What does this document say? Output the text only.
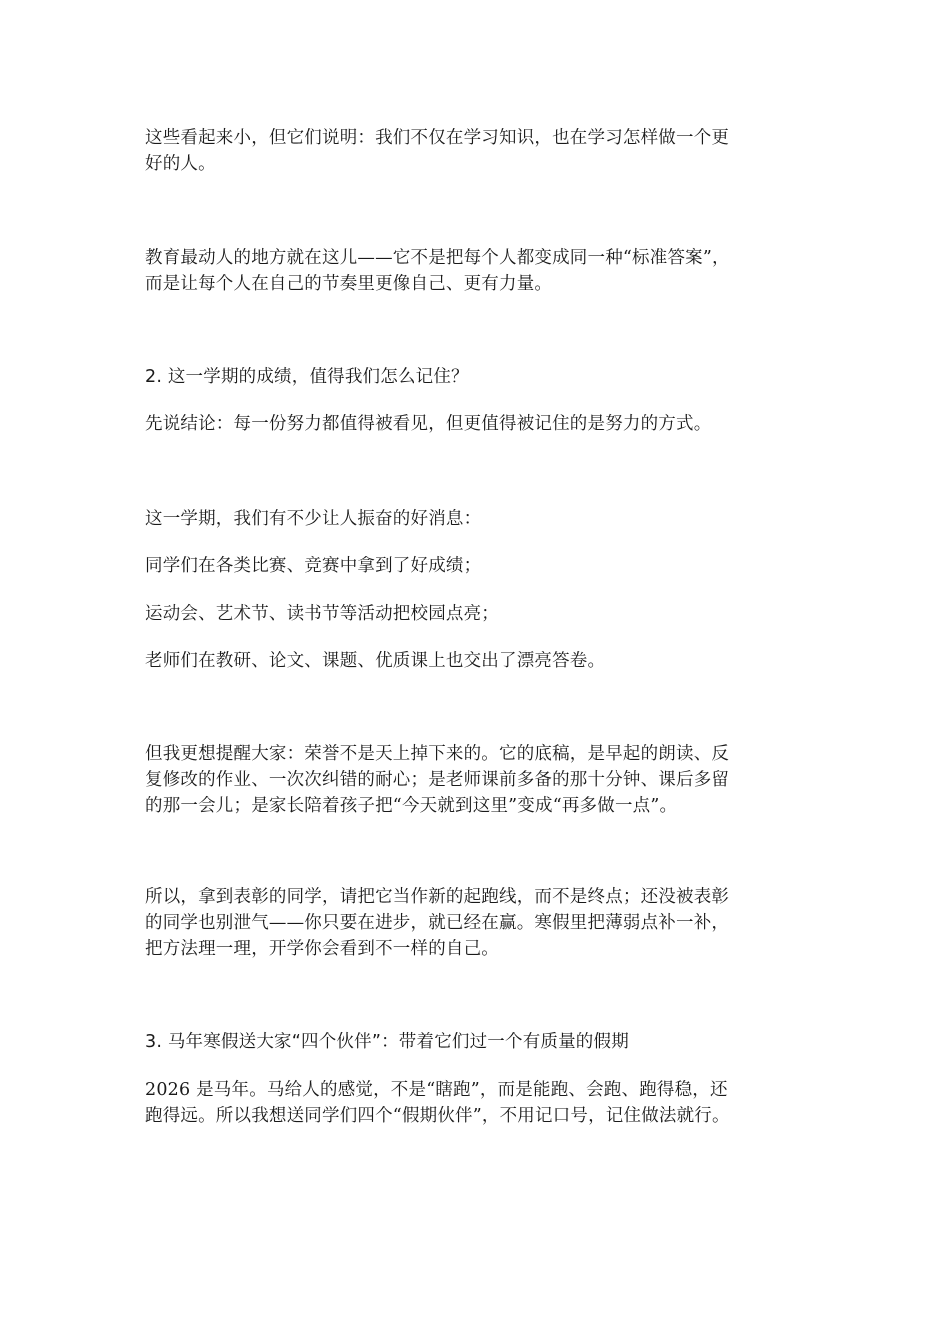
这些看起来小，但它们说明：我们不仅在学习知识，也在学习怎样做一个更
好的人。

教育最动人的地方就在这儿——它不是把每个人都变成同一种“标准答案”，
而是让每个人在自己的节奏里更像自己、更有力量。

2. 这一学期的成绩，值得我们怎么记住？

先说结论：每一份努力都值得被看见，但更值得被记住的是努力的方式。

这一学期，我们有不少让人振奋的好消息：

同学们在各类比赛、竞赛中拿到了好成绩；

运动会、艺术节、读书节等活动把校园点亮；

老师们在教研、论文、课题、优质课上也交出了漂亮答卷。

但我更想提醒大家：荣誉不是天上掉下来的。它的底稿，是早起的朗读、反
复修改的作业、一次次纠错的耐心；是老师课前多备的那十分钟、课后多留
的那一会儿；是家长陪着孩子把“今天就到这里”变成“再多做一点”。

所以，拿到表彰的同学，请把它当作新的起跑线，而不是终点；还没被表彰
的同学也别泄气——你只要在进步，就已经在赢。寒假里把薄弱点补一补，
把方法理一理，开学你会看到不一样的自己。

3. 马年寒假送大家“四个伙伴”：带着它们过一个有质量的假期

2026 是马年。马给人的感觉，不是“瞎跑”，而是能跑、会跑、跑得稳，还
跑得远。所以我想送同学们四个“假期伙伴”，不用记口号，记住做法就行。
